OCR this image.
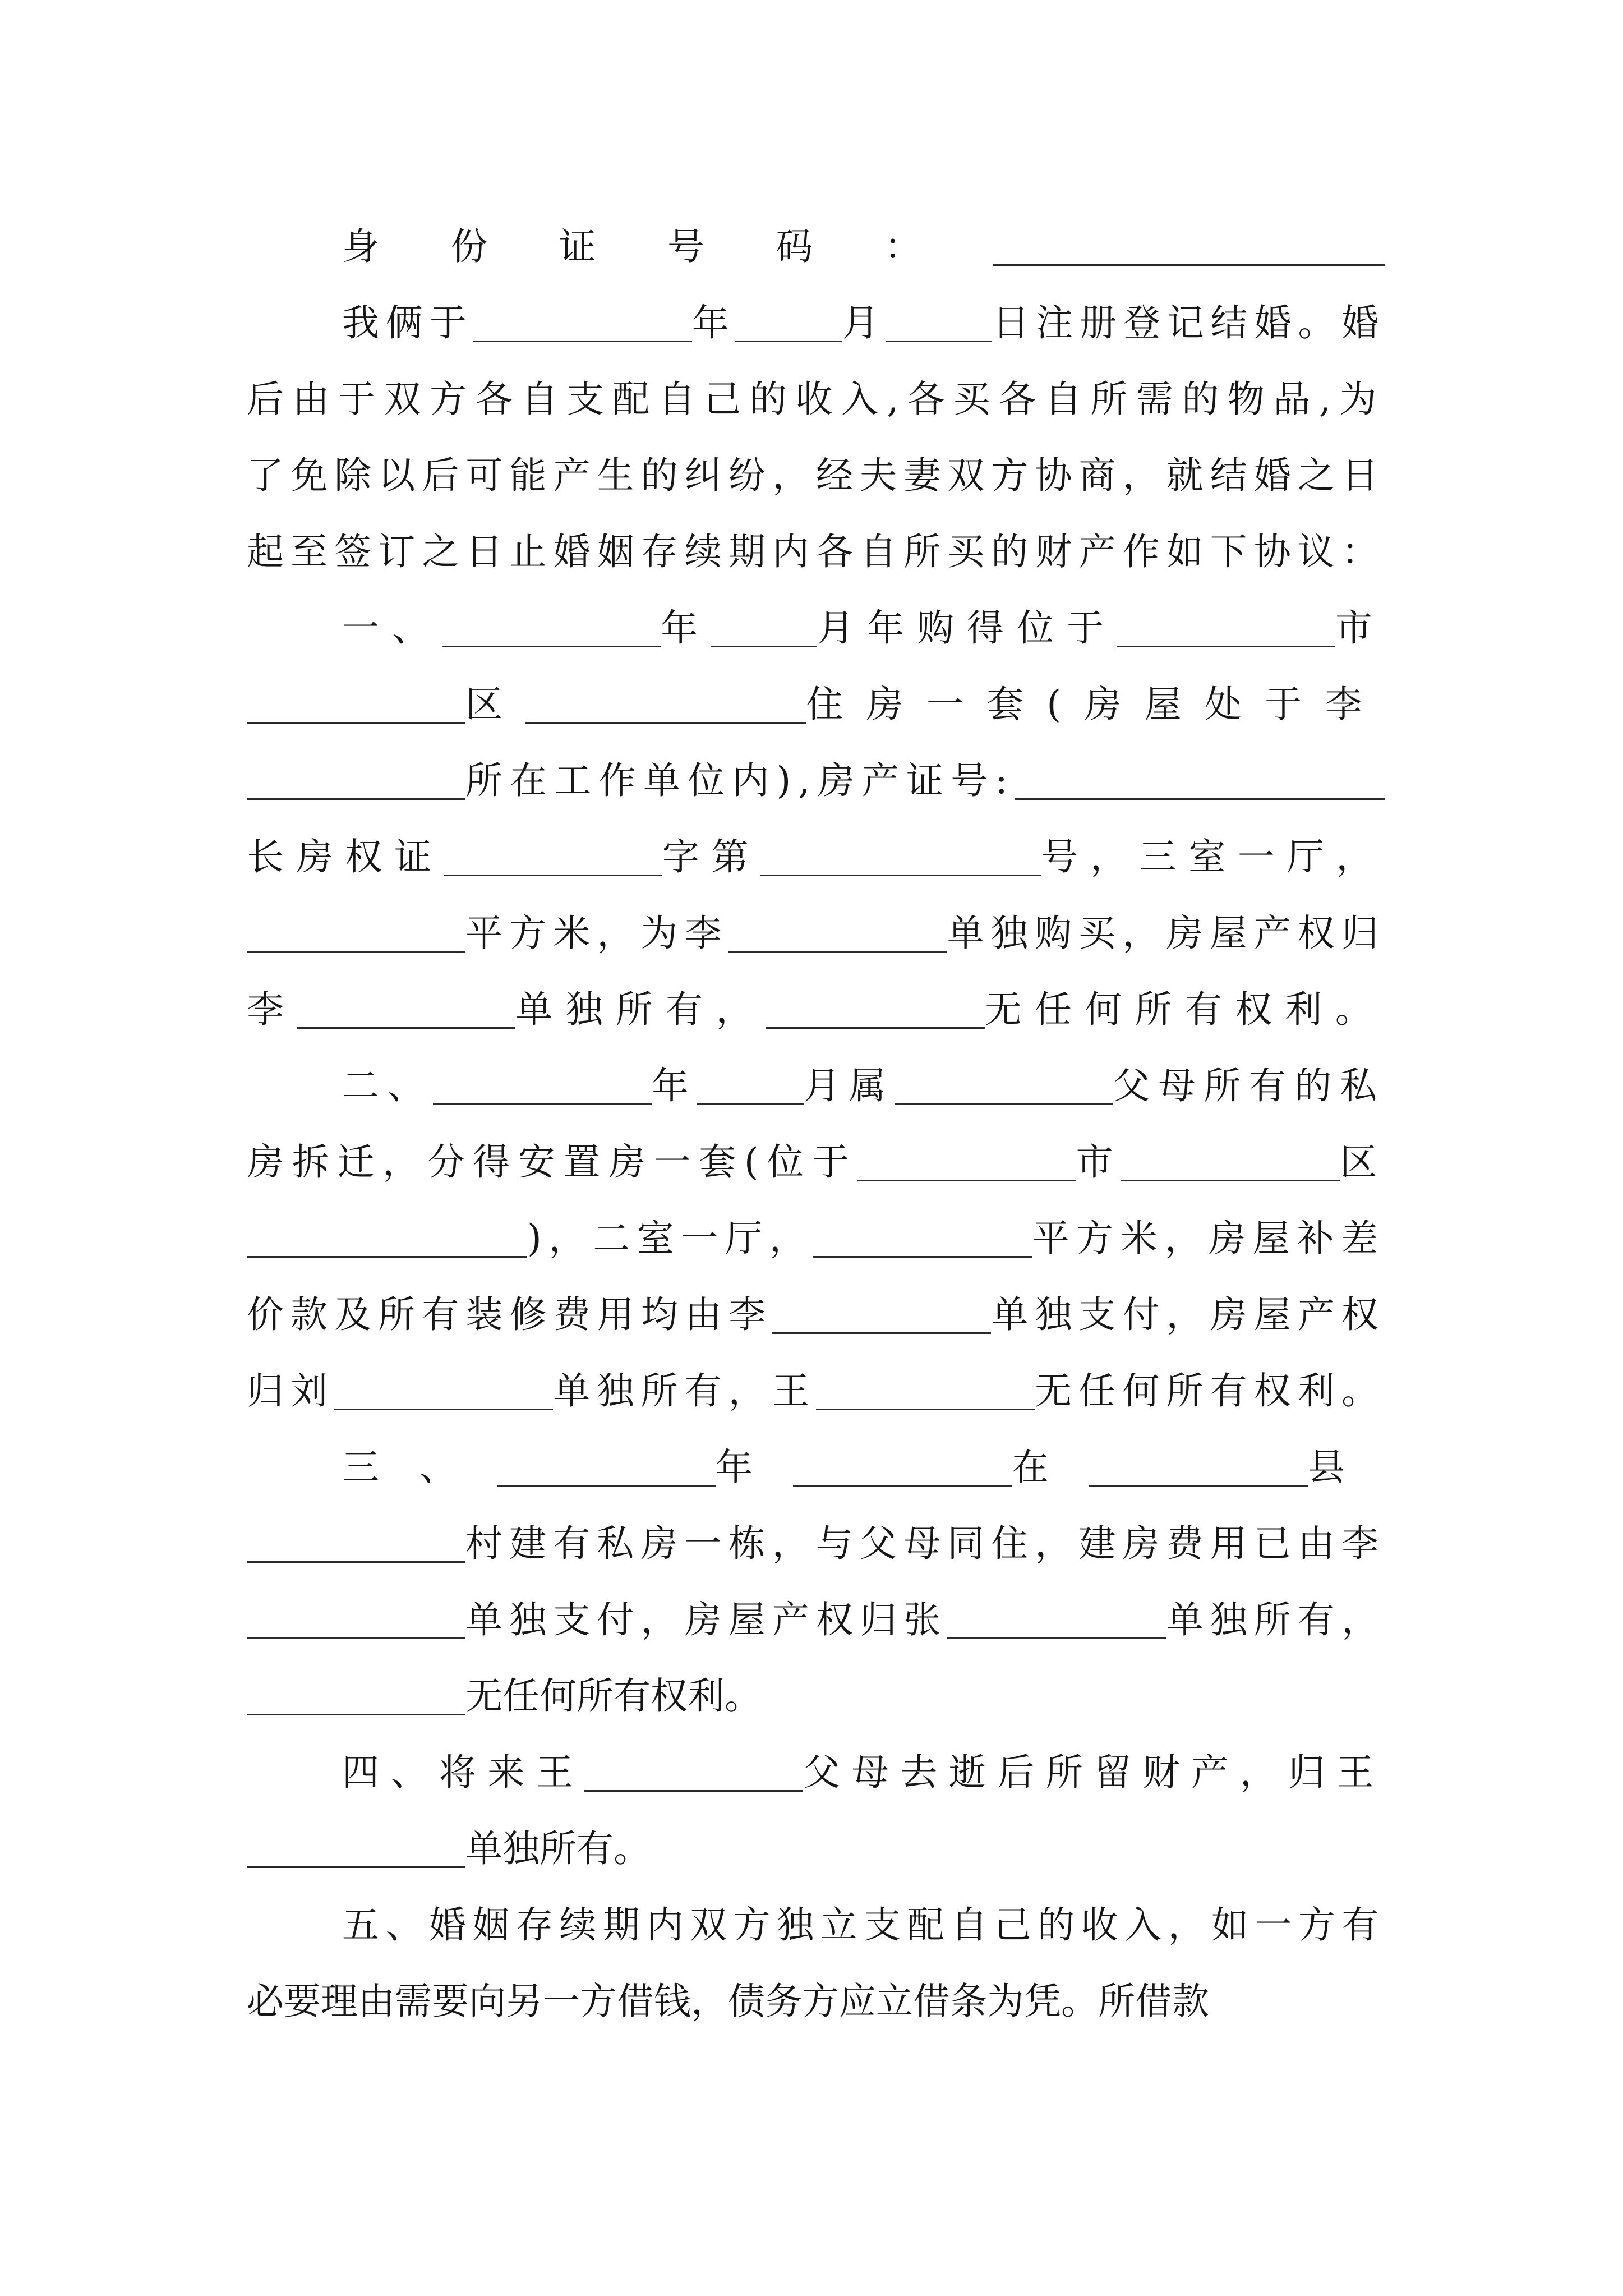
身份证号码：
我俩于	年	月	日注册登记结婚。婚
后由于双方各自支配自己的收入,各买各自所需的物品,为
了免除以后可能产生的纠纷，经夫妻双方协商，就结婚之日
起至签订之日止婚姻存续期内各自所买的财产作如下协议：
一、	年	月年购得位于	市
区	住房一套(房屋处于李
所在工作单位内),房产证号:
长房权证	字第	号，三室一厅，
平方米，为李	单独购买，房屋产权归
李	单独所有，	无任何所有权利。
二、	年	月属	父母所有的私
房拆迁，分得安置房一套(位于	市	区
)，二室一厅，	平方米，房屋补差
价款及所有装修费用均由李	单独支付，房屋产权
归刘	单独所有，王	无任何所有权利。
三、	年	在	县
村建有私房一栋，与父母同住，建房费用已由李
单独支付，房屋产权归张	单独所有，
无任何所有权利。
四、将来王	父母去逝后所留财产，归王
单独所有。
五、婚姻存续期内双方独立支配自己的收入，如一方有
必要理由需要向另一方借钱，债务方应立借条为凭。所借款
